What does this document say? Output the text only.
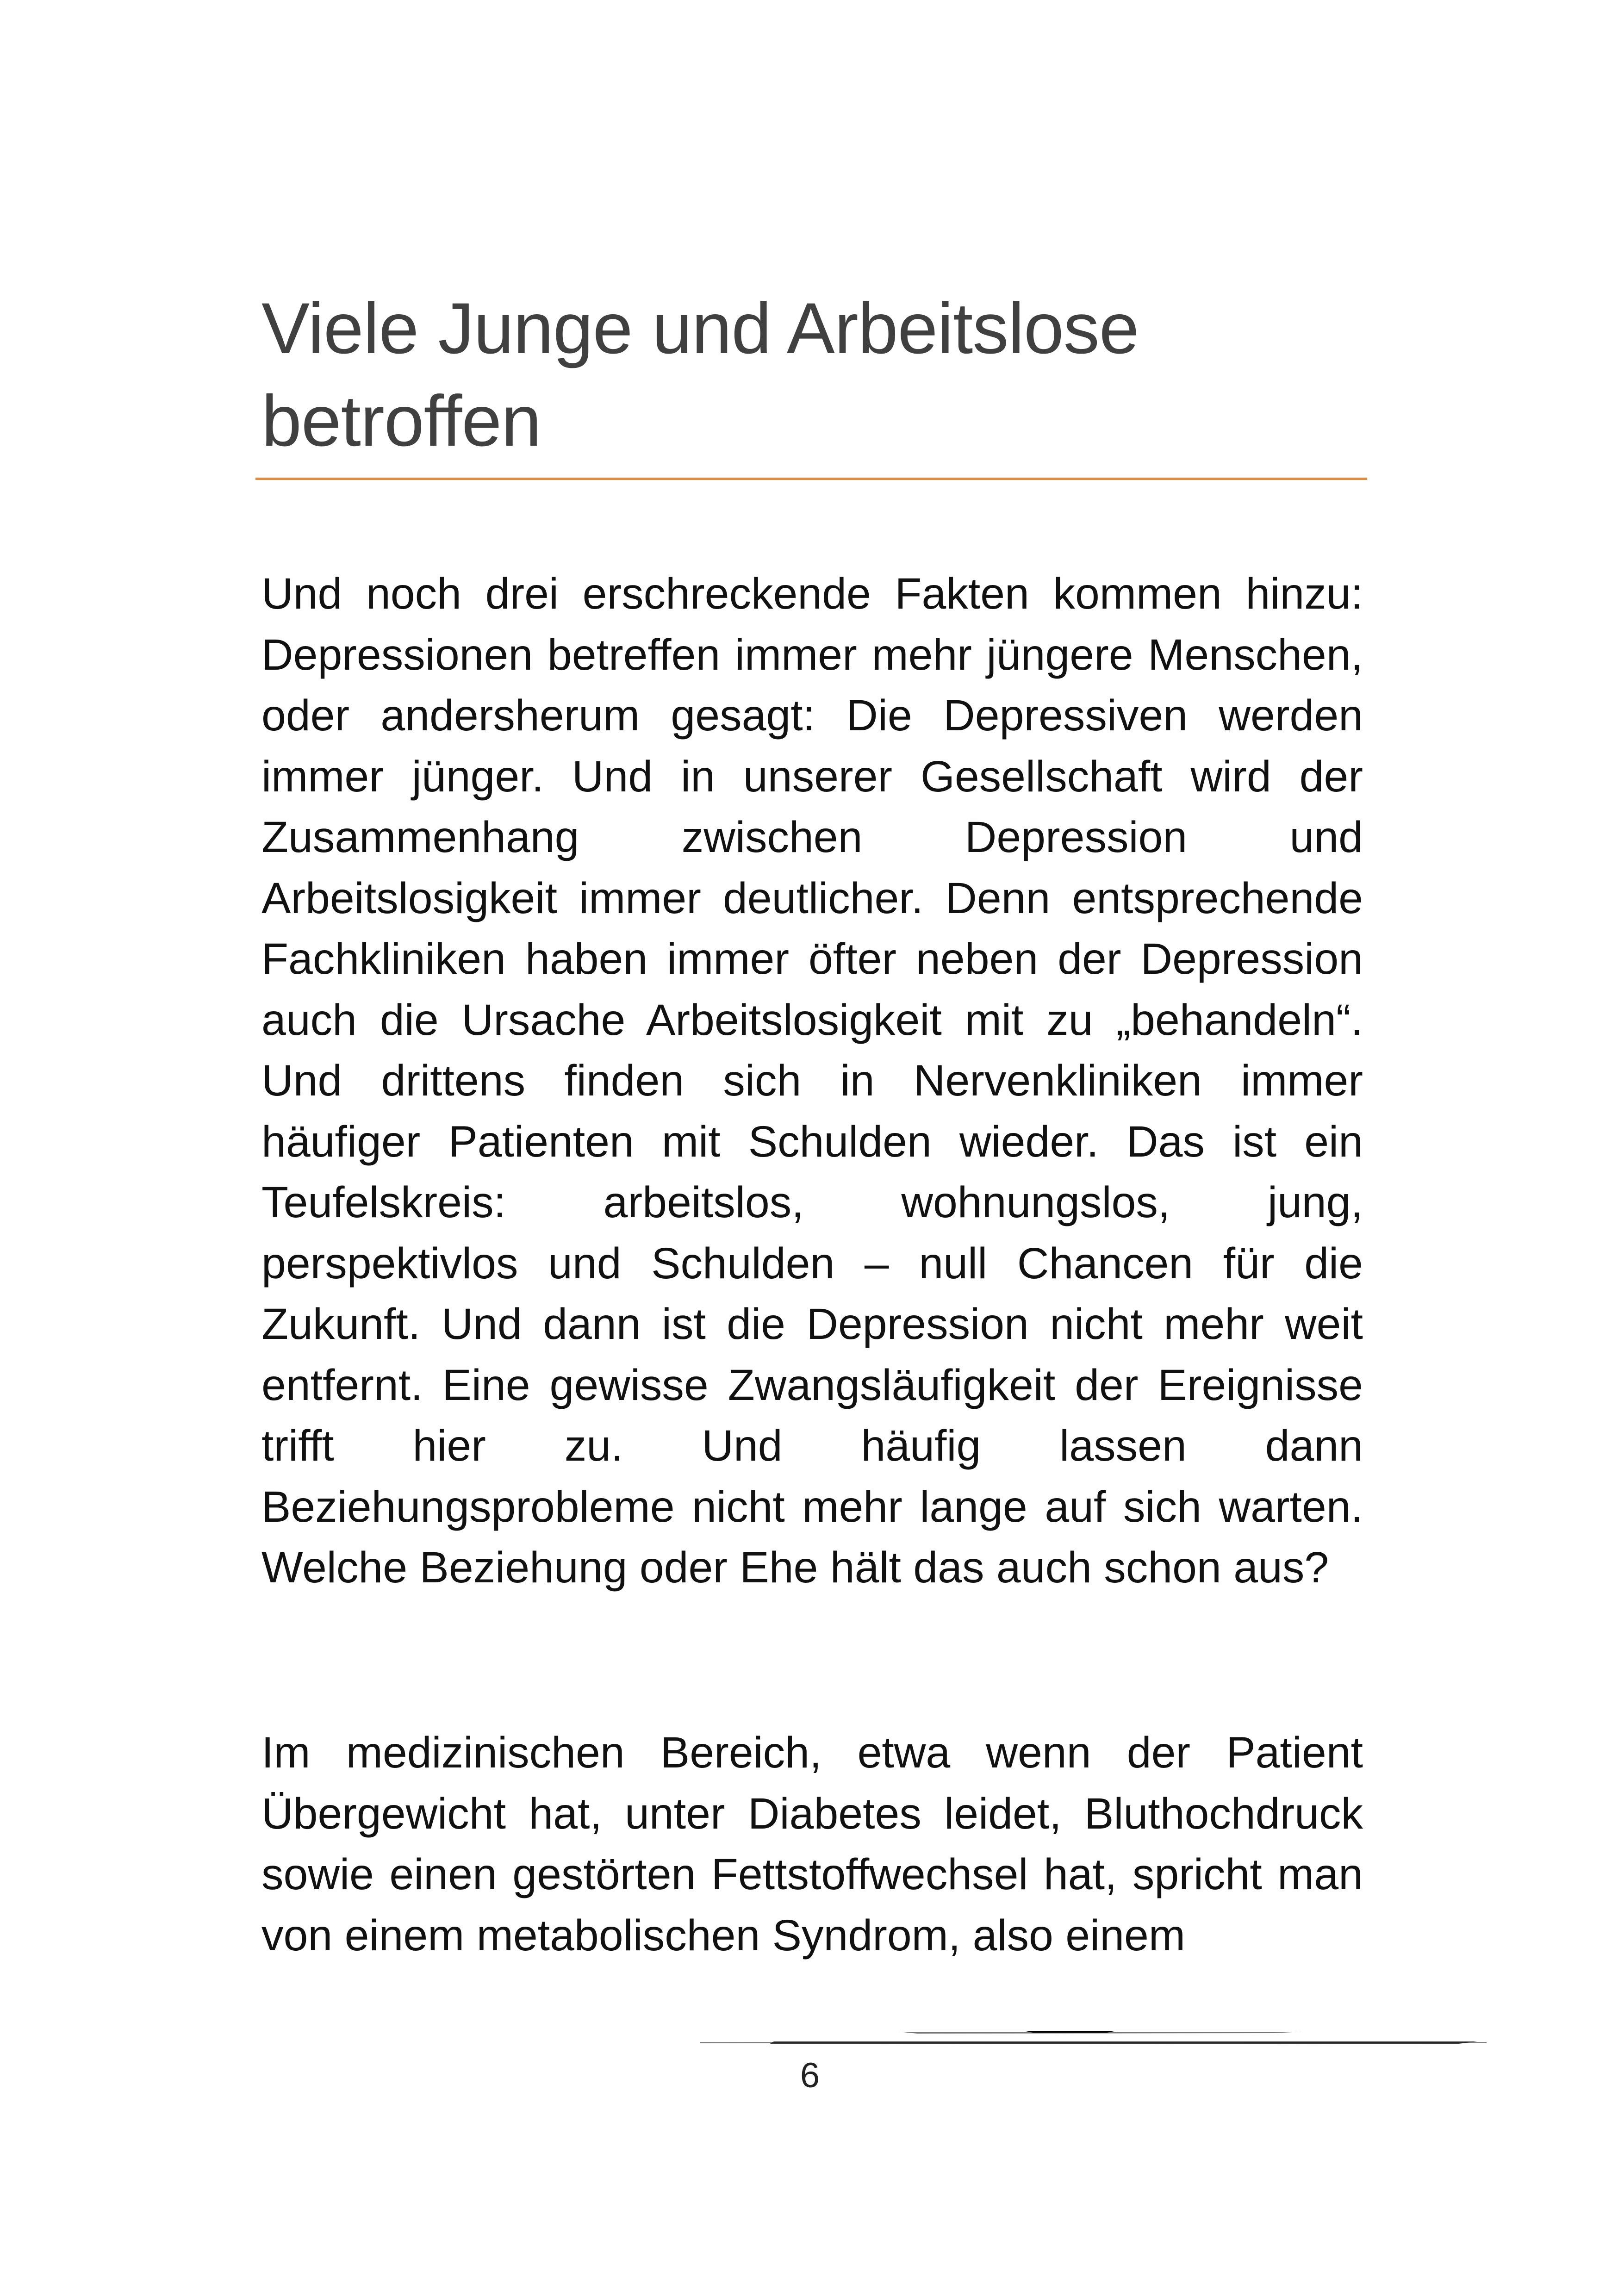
Viele Junge und Arbeitslose betroffen

Und noch drei erschreckende Fakten kommen hinzu: Depressionen betreffen immer mehr jüngere Menschen, oder andersherum gesagt: Die Depressiven werden immer jünger. Und in unserer Gesellschaft wird der Zusammenhang zwischen Depression und Arbeitslosigkeit immer deutlicher. Denn entsprechende Fachkliniken haben immer öfter neben der Depression auch die Ursache Arbeitslosigkeit mit zu „behandeln“. Und drittens finden sich in Nervenkliniken immer häufiger Patienten mit Schulden wieder. Das ist ein Teufelskreis: arbeitslos, wohnungslos, jung, perspektivlos und Schulden – null Chancen für die Zukunft. Und dann ist die Depression nicht mehr weit entfernt. Eine gewisse Zwangsläufigkeit der Ereignisse trifft hier zu. Und häufig lassen dann Beziehungsprobleme nicht mehr lange auf sich warten. Welche Beziehung oder Ehe hält das auch schon aus?

Im medizinischen Bereich, etwa wenn der Patient Übergewicht hat, unter Diabetes leidet, Bluthochdruck sowie einen gestörten Fettstoffwechsel hat, spricht man von einem metabolischen Syndrom, also einem

6
